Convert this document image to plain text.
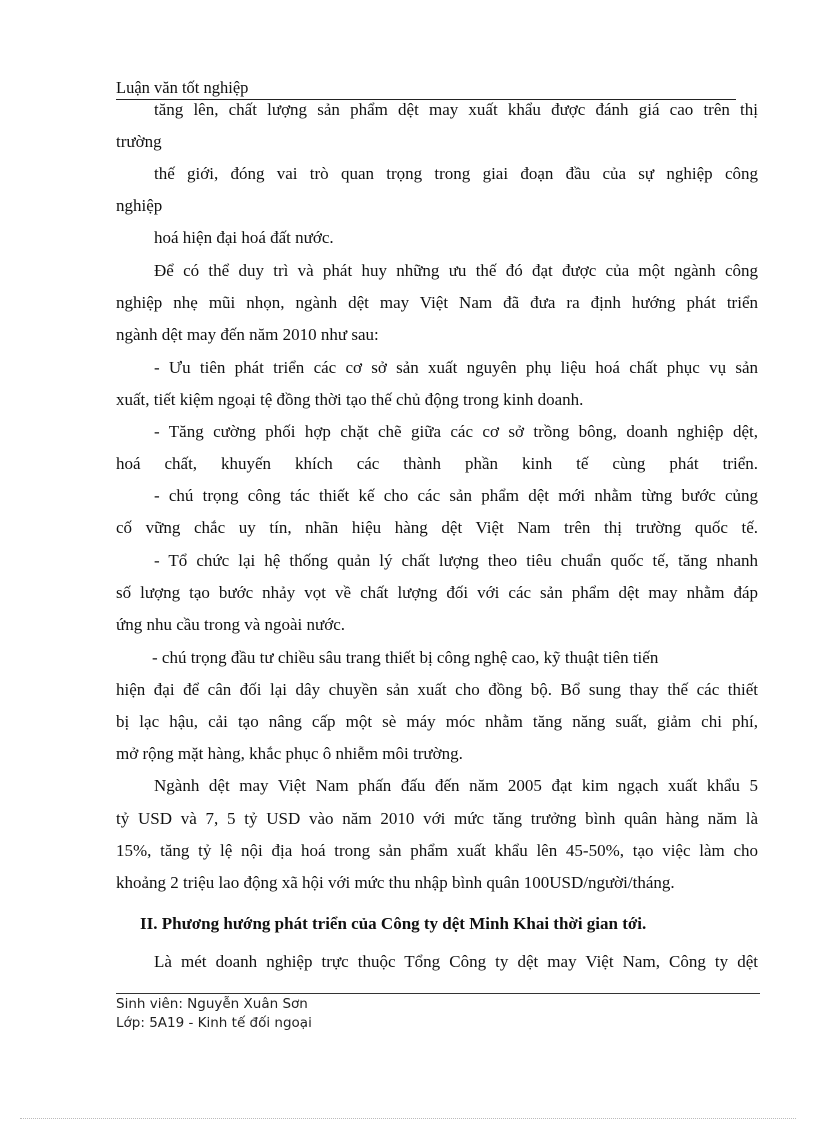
Luận văn tốt nghiệp
tăng lên, chất lượng sản phẩm dệt may xuất khẩu được đánh giá cao trên thị
trường
thế giới, đóng vai trò quan trọng trong giai đoạn đầu của sự nghiệp công
nghiệp
hoá hiện đại hoá đất nước.
Để có thể duy trì và phát huy những ưu thế đó đạt được của một ngành công
nghiệp nhẹ mũi nhọn, ngành dệt may Việt Nam đã đưa ra định hướng phát triển
ngành dệt may đến năm 2010 như sau:
- Ưu tiên phát triển các cơ sở sản xuất nguyên phụ liệu hoá chất phục vụ sản
xuất, tiết kiệm ngoại tệ đồng thời tạo thế chủ động trong kinh doanh.
- Tăng cường phối hợp chặt chẽ giữa các cơ sở trồng bông, doanh nghiệp dệt,
hoá chất, khuyến khích các thành phần kinh tế cùng phát triển.
- chú trọng công tác thiết kế cho các sản phẩm dệt mới nhằm từng bước củng
cố vững chắc uy tín, nhãn hiệu hàng dệt Việt Nam trên thị trường quốc tế.
- Tổ chức lại hệ thống quản lý chất lượng theo tiêu chuẩn quốc tế, tăng nhanh
số lượng tạo bước nhảy vọt về chất lượng đối với các sản phẩm dệt may nhằm đáp
ứng nhu cầu trong và ngoài nước.
- chú trọng đầu tư chiều sâu trang thiết bị công nghệ cao, kỹ thuật tiên tiến
hiện đại để cân đối lại dây chuyền sản xuất cho đồng bộ. Bổ sung thay thế các thiết
bị lạc hậu, cải tạo nâng cấp một sè máy móc nhằm tăng năng suất, giảm chi phí,
mở rộng mặt hàng, khắc phục ô nhiễm môi trường.
Ngành dệt may Việt Nam phấn đấu đến năm 2005 đạt kim ngạch xuất khẩu 5
tỷ USD và 7, 5 tỷ USD vào năm 2010 với mức tăng trưởng bình quân hàng năm là
15%, tăng tỷ lệ nội địa hoá trong sản phẩm xuất khẩu lên 45-50%, tạo việc làm cho
khoảng 2 triệu lao động xã hội với mức thu nhập bình quân 100USD/người/tháng.
II. Phương hướng phát triển của Công ty dệt Minh Khai thời gian tới.
Là mét doanh nghiệp trực thuộc Tổng Công ty dệt may Việt Nam, Công ty dệt
Sinh viên: Nguyễn Xuân Sơn
Lớp: 5A19 - Kinh tế đối ngoại
